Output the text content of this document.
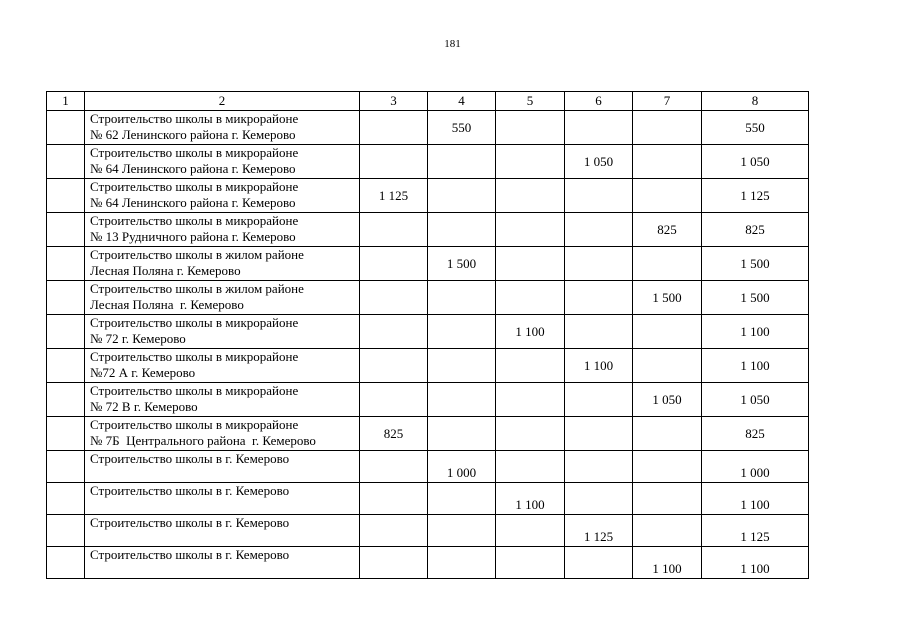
181
1	2	3	4	5	6	7	8

	Строительство школы в микрорайоне
№ 62 Ленинского района г. Кемерово		550				550

	Строительство школы в микрорайоне
№ 64 Ленинского района г. Кемерово				1 050		1 050

	Строительство школы в микрорайоне
№ 64 Ленинского района г. Кемерово	1 125					1 125

	Строительство школы в микрорайоне
№ 13 Рудничного района г. Кемерово					825	825

	Строительство школы в жилом районе
Лесная Поляна г. Кемерово		1 500				1 500

	Строительство школы в жилом районе
Лесная Поляна  г. Кемерово					1 500	1 500

	Строительство школы в микрорайоне
№ 72 г. Кемерово			1 100			1 100

	Строительство школы в микрорайоне
№72 А г. Кемерово				1 100		1 100

	Строительство школы в микрорайоне
№ 72 В г. Кемерово					1 050	1 050

	Строительство школы в микрорайоне
№ 7Б  Центрального района  г. Кемерово	825					825

	Строительство школы в г. Кемерово		1 000				1 000

	Строительство школы в г. Кемерово			1 100			1 100

	Строительство школы в г. Кемерово				1 125		1 125

	Строительство школы в г. Кемерово					1 100	1 100
